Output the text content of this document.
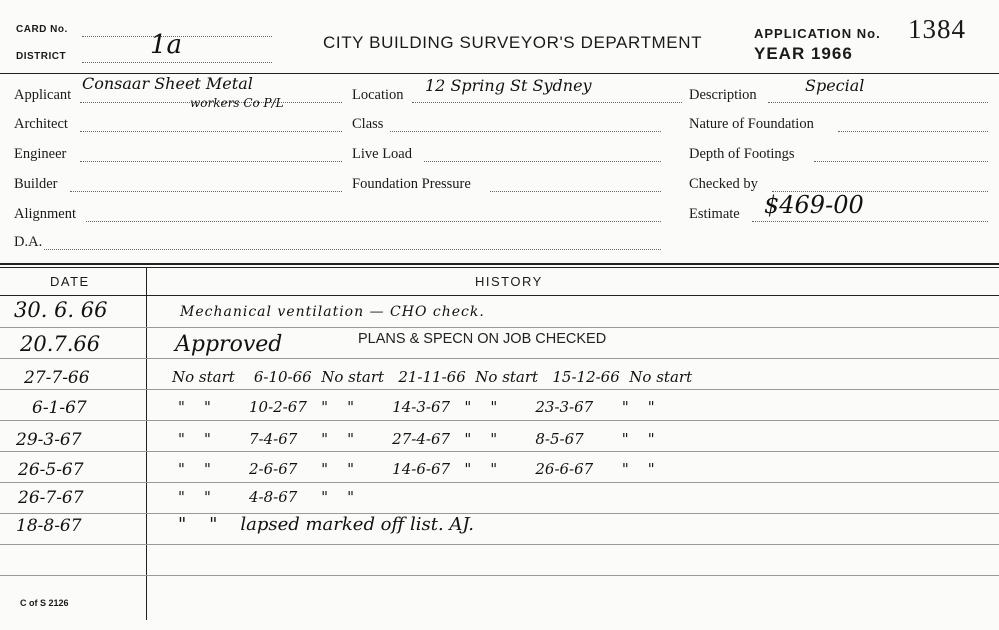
CARD No.
DISTRICT	1a	CITY BUILDING SURVEYOR'S DEPARTMENT	APPLICATION No. 1384
YEAR 1966
Applicant
Consaar Sheet Metal
workers Co P/L
Architect
Engineer
Builder
Alignment
D.A.
Location 12 Spring St Sydney
Class
Live Load
Foundation Pressure
Description	Special
Nature of Foundation
Depth of Footings
Checked by
Estimate $469-00
DATE	HISTORY
30. 6. 66	Mechanical ventilation — CHO check.
20.7.66	Approved	PLANS & SPECN ON JOB CHECKED
27-7-66	No start    6-10-66  No start   21-11-66  No start   15-12-66  No start
6-1-67	"    "        10-2-67   "    "        14-3-67   "    "        23-3-67      "    "
29-3-67	"    "        7-4-67     "    "        27-4-67   "    "        8-5-67        "    "
26-5-67	"    "        2-6-67     "    "        14-6-67   "    "        26-6-67      "    "
26-7-67	"    "        4-8-67     "    "
18-8-67	"    "    lapsed marked off list. AJ.
C of S 2126
